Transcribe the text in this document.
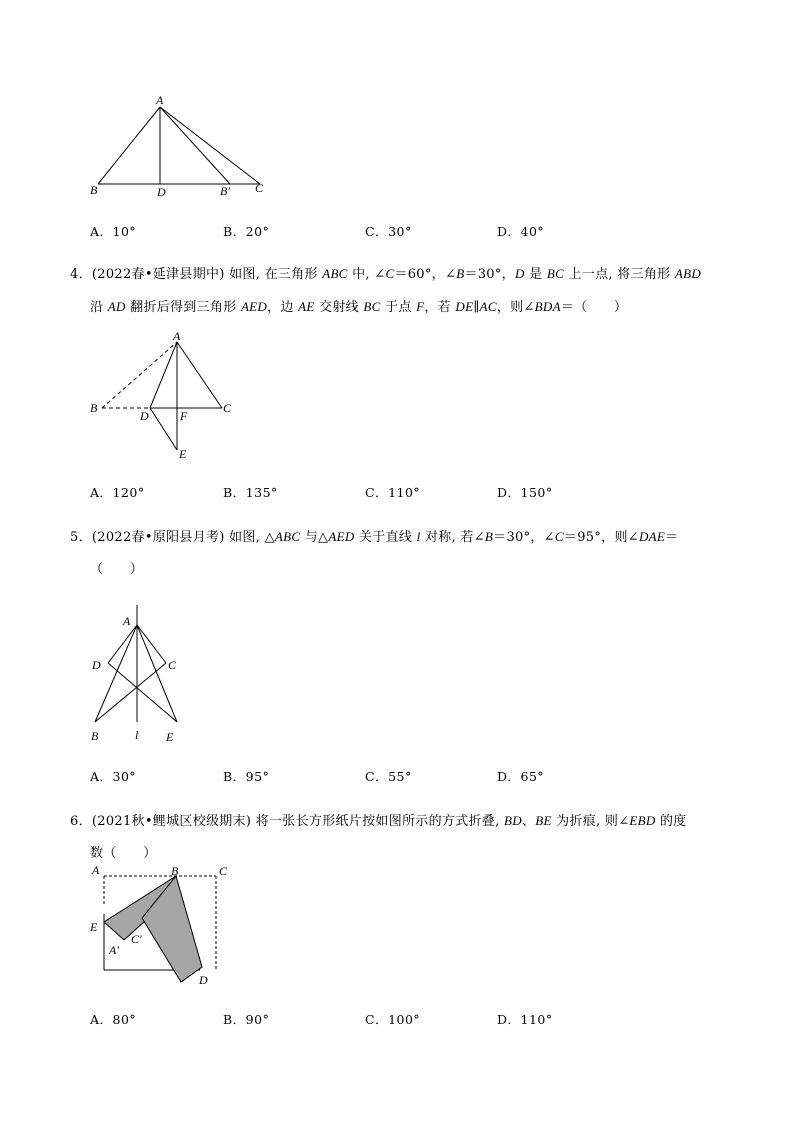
A
B	D	B′ C
A．10°	B．20°	C．30°	D．40°
4．(2022春•延津县期中) 如图, 在三角形 ABC 中, ∠C＝60°，∠B＝30°，D 是 BC 上一点, 将三角形 ABD
沿 AD 翻折后得到三角形 AED，边 AE 交射线 BC 于点 F，若 DE∥AC，则∠BDA＝（　　）
A
B
D	F
C
E
A．120°	B．135°	C．110°	D．150°
5．(2022春•原阳县月考) 如图, △ABC 与△AED 关于直线 l 对称, 若∠B＝30°，∠C＝95°，则∠DAE＝
（　　）
A
D	C
B	l E
A．30°	B．95°	C．55°	D．65°
6．(2021秋•鲤城区校级期末) 将一张长方形纸片按如图所示的方式折叠, BD、BE 为折痕, 则∠EBD 的度
数（　　）
A	B	C
E
A′
C′
D
A．80°	B．90°	C．100°	D．110°
